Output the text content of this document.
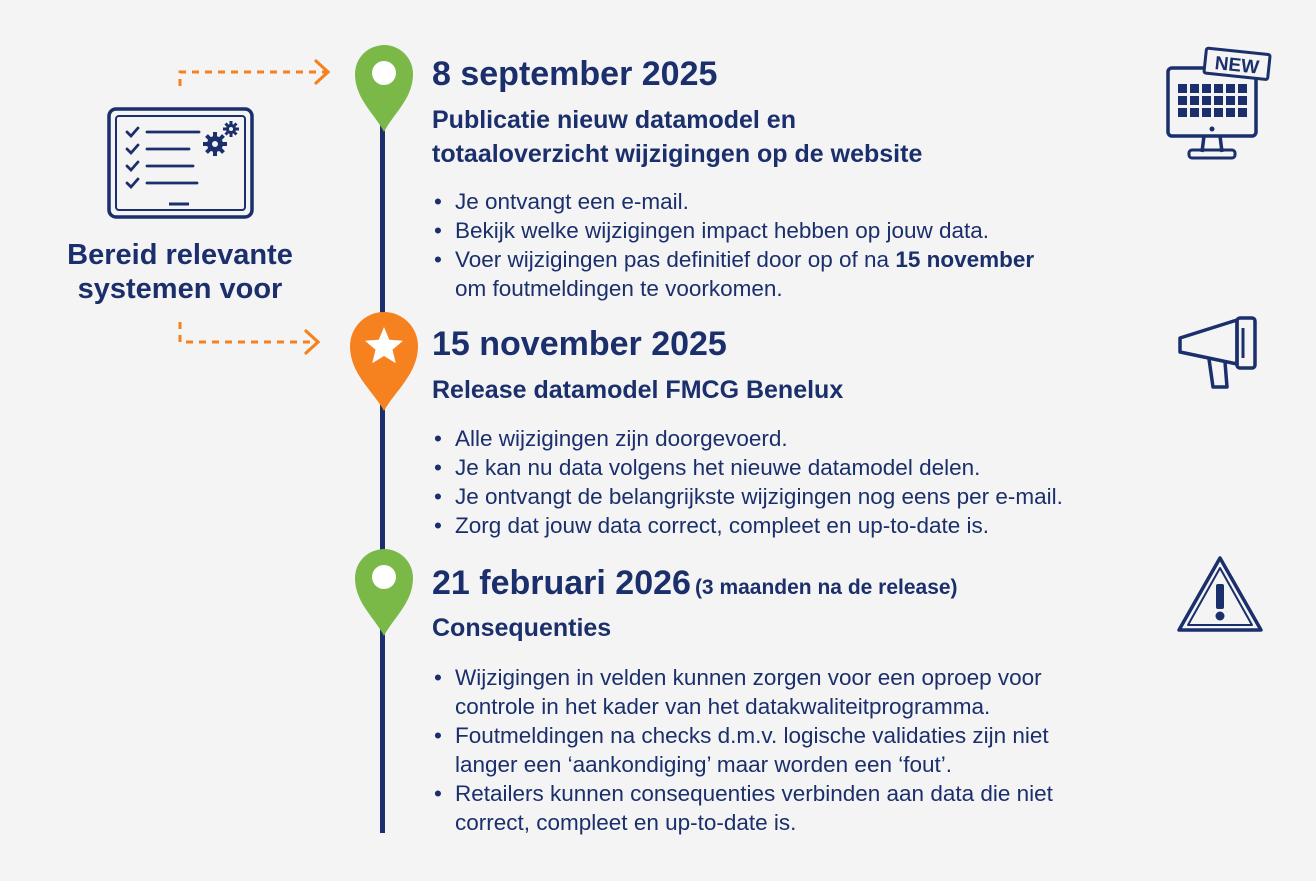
Bereid relevante
systemen voor
8 september 2025
Publicatie nieuw datamodel en
totaaloverzicht wijzigingen op de website
• Je ontvangt een e-mail.
• Bekijk welke wijzigingen impact hebben op jouw data.
• Voer wijzigingen pas definitief door op of na 15 november
om foutmeldingen te voorkomen.
NEW
15 november 2025
Release datamodel FMCG Benelux
• Alle wijzigingen zijn doorgevoerd.
• Je kan nu data volgens het nieuwe datamodel delen.
• Je ontvangt de belangrijkste wijzigingen nog eens per e-mail.
• Zorg dat jouw data correct, compleet en up-to-date is.
21 februari 2026 (3 maanden na de release)
Consequenties
• Wijzigingen in velden kunnen zorgen voor een oproep voor
controle in het kader van het datakwaliteitprogramma.
• Foutmeldingen na checks d.m.v. logische validaties zijn niet
langer een ‘aankondiging’ maar worden een ‘fout’.
• Retailers kunnen consequenties verbinden aan data die niet
correct, compleet en up-to-date is.
